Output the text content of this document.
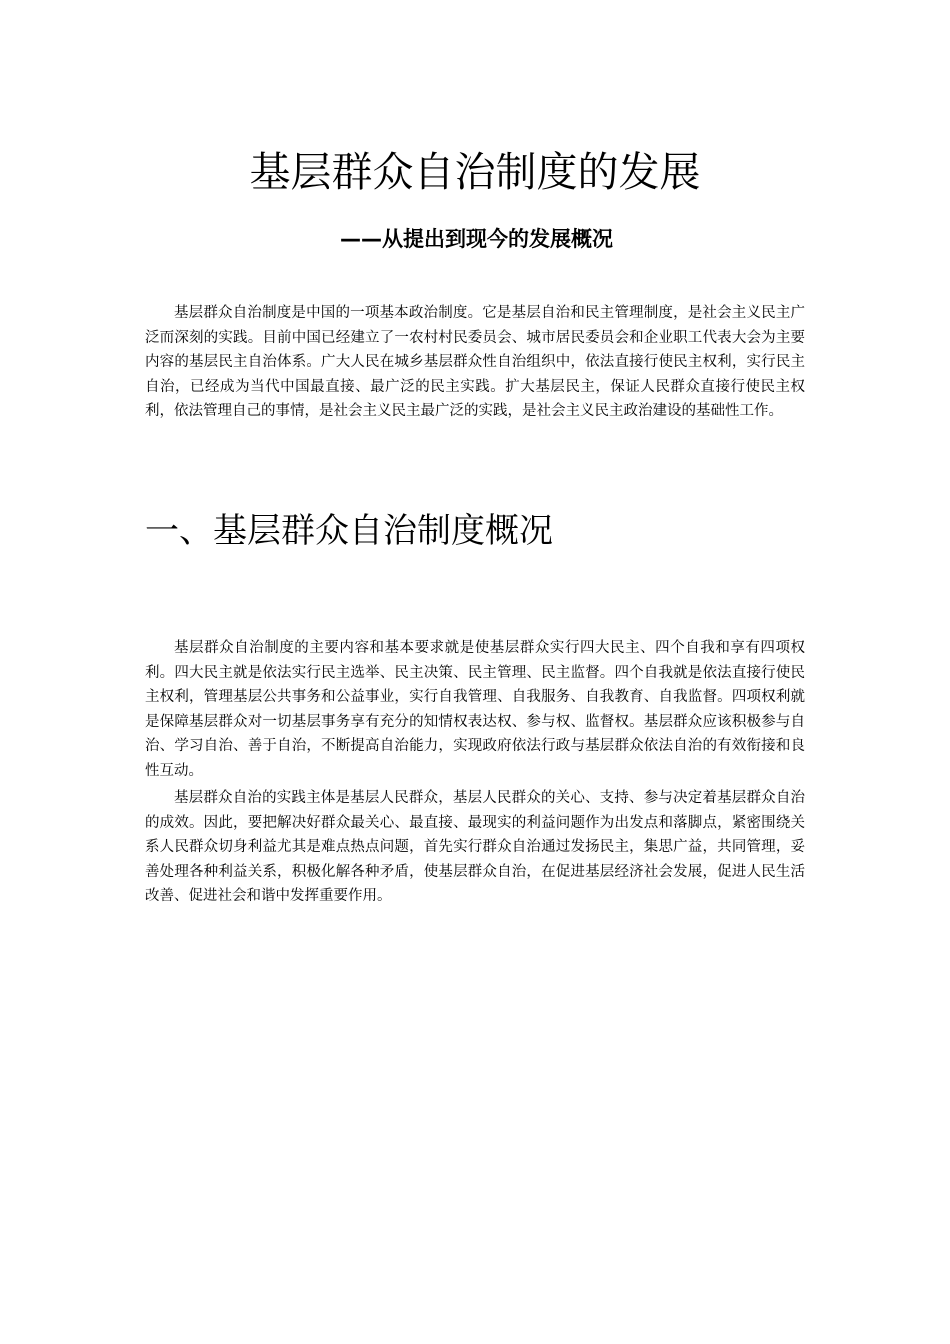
基层群众自治制度的发展
——从提出到现今的发展概况

基层群众自治制度是中国的一项基本政治制度。它是基层自治和民主管理制度，是社会主义民主广泛而深刻的实践。目前中国已经建立了一农村村民委员会、城市居民委员会和企业职工代表大会为主要内容的基层民主自治体系。广大人民在城乡基层群众性自治组织中，依法直接行使民主权利，实行民主自治，已经成为当代中国最直接、最广泛的民主实践。扩大基层民主，保证人民群众直接行使民主权利，依法管理自己的事情，是社会主义民主最广泛的实践，是社会主义民主政治建设的基础性工作。

一、基层群众自治制度概况

基层群众自治制度的主要内容和基本要求就是使基层群众实行四大民主、四个自我和享有四项权利。四大民主就是依法实行民主选举、民主决策、民主管理、民主监督。四个自我就是依法直接行使民主权利，管理基层公共事务和公益事业，实行自我管理、自我服务、自我教育、自我监督。四项权利就是保障基层群众对一切基层事务享有充分的知情权表达权、参与权、监督权。基层群众应该积极参与自治、学习自治、善于自治，不断提高自治能力，实现政府依法行政与基层群众依法自治的有效衔接和良性互动。

基层群众自治的实践主体是基层人民群众，基层人民群众的关心、支持、参与决定着基层群众自治的成效。因此，要把解决好群众最关心、最直接、最现实的利益问题作为出发点和落脚点，紧密围绕关系人民群众切身利益尤其是难点热点问题，首先实行群众自治通过发扬民主，集思广益，共同管理，妥善处理各种利益关系，积极化解各种矛盾，使基层群众自治，在促进基层经济社会发展，促进人民生活改善、促进社会和谐中发挥重要作用。
